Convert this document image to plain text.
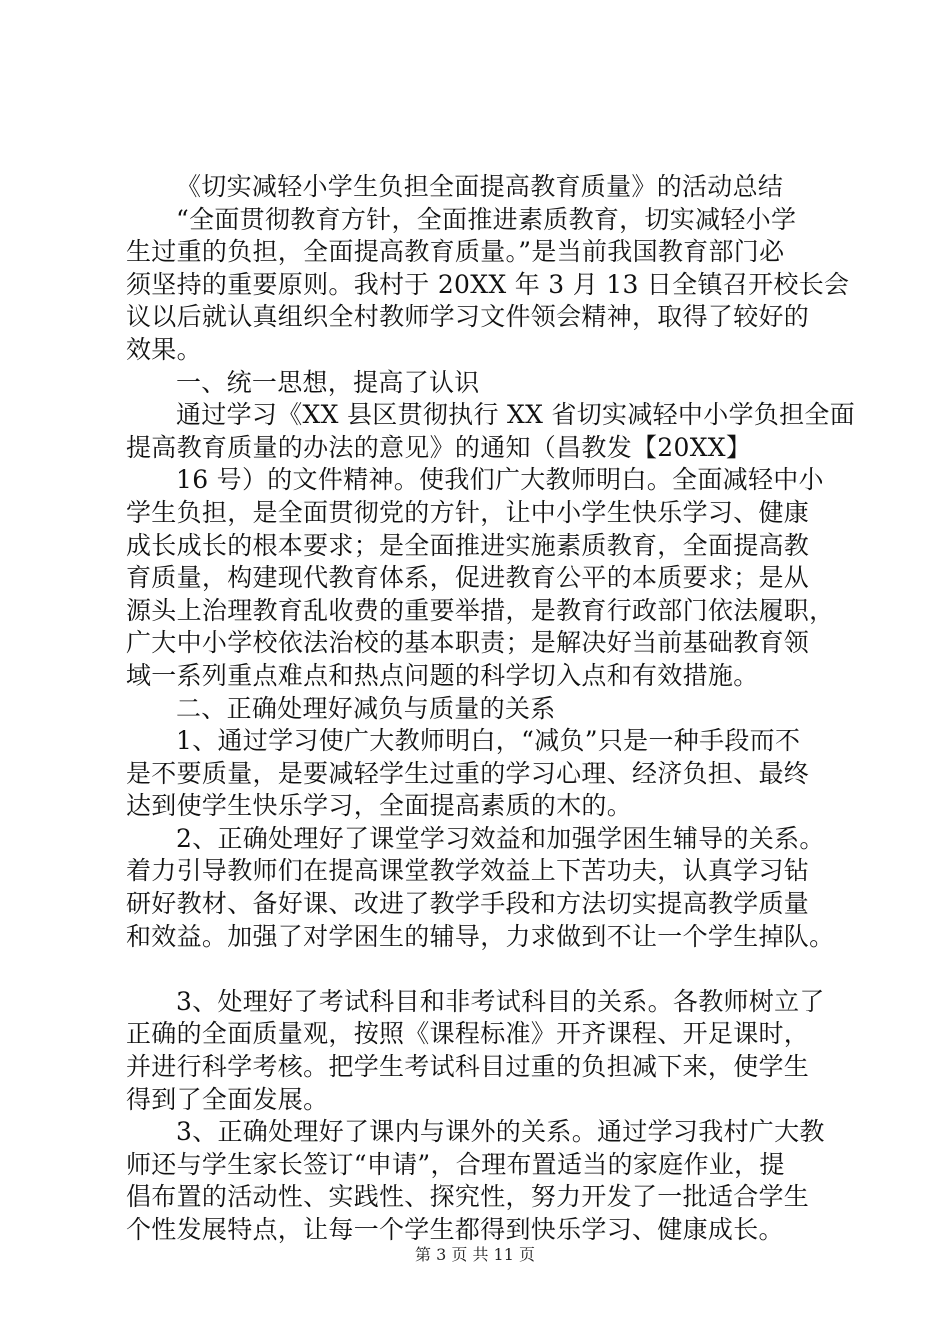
《切实减轻小学生负担全面提高教育质量》的活动总结
“全面贯彻教育方针，全面推进素质教育，切实减轻小学
生过重的负担，全面提高教育质量。”是当前我国教育部门必
须坚持的重要原则。我村于 20XX 年 3 月 13 日全镇召开校长会
议以后就认真组织全村教师学习文件领会精神，取得了较好的
效果。
一、统一思想，提高了认识
通过学习《XX 县区贯彻执行 XX 省切实减轻中小学负担全面
提高教育质量的办法的意见》的通知（昌教发【20XX】
16 号）的文件精神。使我们广大教师明白。全面减轻中小
学生负担，是全面贯彻党的方针，让中小学生快乐学习、健康
成长成长的根本要求；是全面推进实施素质教育，全面提高教
育质量，构建现代教育体系，促进教育公平的本质要求；是从
源头上治理教育乱收费的重要举措，是教育行政部门依法履职，
广大中小学校依法治校的基本职责；是解决好当前基础教育领
域一系列重点难点和热点问题的科学切入点和有效措施。
二、正确处理好减负与质量的关系
1、通过学习使广大教师明白，“减负”只是一种手段而不
是不要质量，是要减轻学生过重的学习心理、经济负担、最终
达到使学生快乐学习，全面提高素质的木的。
2、正确处理好了课堂学习效益和加强学困生辅导的关系。
着力引导教师们在提高课堂教学效益上下苦功夫，认真学习钻
研好教材、备好课、改进了教学手段和方法切实提高教学质量
和效益。加强了对学困生的辅导，力求做到不让一个学生掉队。
3、处理好了考试科目和非考试科目的关系。各教师树立了
正确的全面质量观，按照《课程标准》开齐课程、开足课时，
并进行科学考核。把学生考试科目过重的负担减下来，使学生
得到了全面发展。
3、正确处理好了课内与课外的关系。通过学习我村广大教
师还与学生家长签订“申请”，合理布置适当的家庭作业，提
倡布置的活动性、实践性、探究性，努力开发了一批适合学生
个性发展特点，让每一个学生都得到快乐学习、健康成长。
第 3 页 共 11 页
